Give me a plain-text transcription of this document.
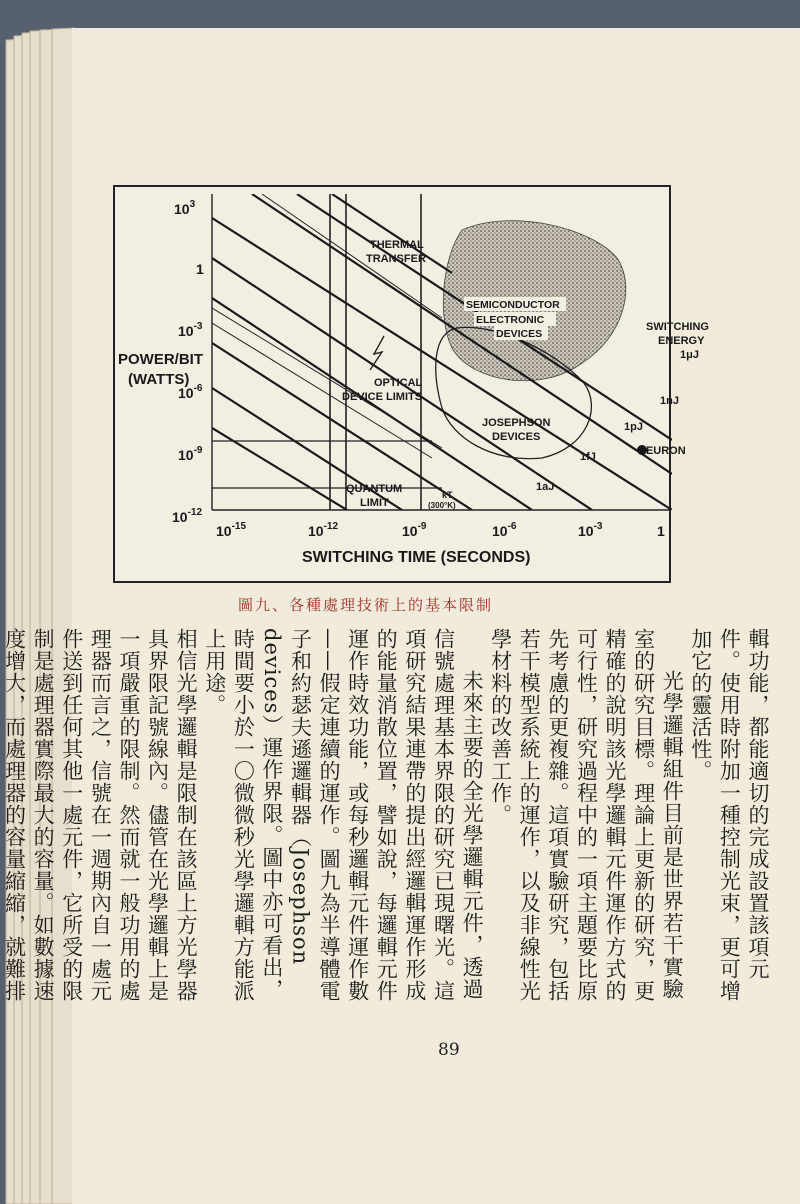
$10^3$
1
$10^{-3}$
$10^{-6}$
$10^{-9}$
$10^{-12}$
POWER/BIT
(WATTS)
$10^{-15}$	$10^{-12}$	$10^{-9}$	$10^{-6}$	$10^{-3}$	1
SWITCHING TIME (SECONDS)
THERMAL
TRANSFER
SEMICONDUCTOR
ELECTRONIC
DEVICES
SWITCHING
ENERGY
1μJ
OPTICAL
DEVICE LIMITS
JOSEPHSON
DEVICES
1nJ
1pJ
1fJ
1aJ
NEURON
QUANTUM
LIMIT
kT
(300°K)
圖九、各種處理技術上的基本限制

輯功能，都能適切的完成設置該項元件。使用時附加一種控制光束，更可增加它的靈活性。

光學邏輯組件目前是世界若干實驗室的研究目標。理論上更新的研究，更精確的說明該光學邏輯元件運作方式的可行性，研究過程中的一項主題要比原先考慮的更複雜。這項實驗研究，包括若干模型系統上的運作，以及非線性光學材料的改善工作。

未來主要的全光學邏輯元件，透過信號處理基本界限的研究已現曙光。這項研究結果連帶的提出經邏輯運作形成的能量消散位置，譬如說，每邏輯元件運作時效功能，或每秒邏輯元件運作數——假定連續的運作。圖九為半導體電子和約瑟夫遜邏輯器（Josephson devices）運作界限。圖中亦可看出，時間要小於一〇微微秒光學邏輯方能派上用途。

相信光學邏輯是限制在該區上方光學器具界限記號線內。儘管在光學邏輯上是一項嚴重的限制。然而就一般功用的處理器而言之，信號在一週期內自一處元件送到任何其他一處元件，它所受的限制是處理器實際最大的容量。如數據速度增大，而處理器的容量縮縮，就難排

89
